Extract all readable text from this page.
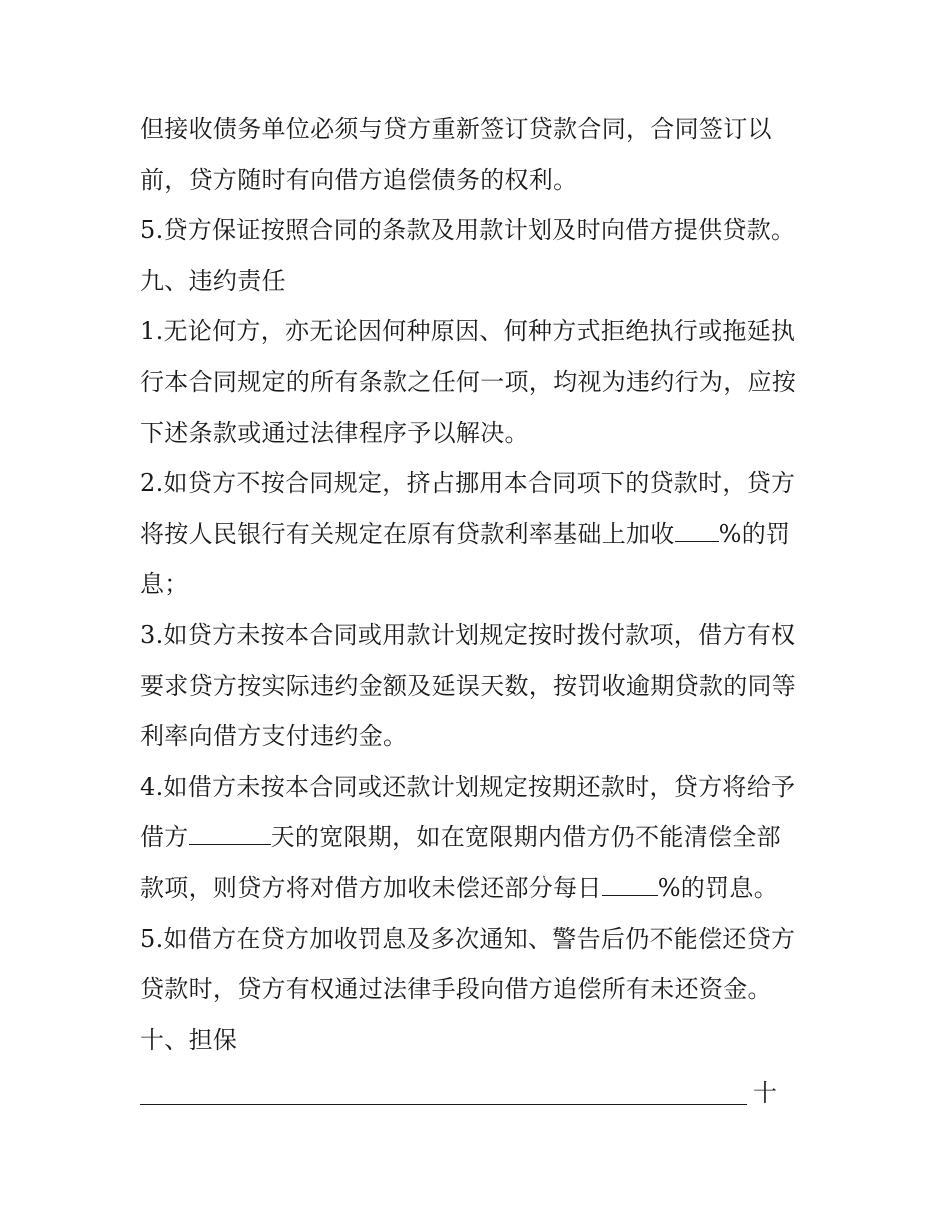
但接收债务单位必须与贷方重新签订贷款合同，合同签订以
前，贷方随时有向借方追偿债务的权利。
5.贷方保证按照合同的条款及用款计划及时向借方提供贷款。
九、违约责任
1.无论何方，亦无论因何种原因、何种方式拒绝执行或拖延执
行本合同规定的所有条款之任何一项，均视为违约行为，应按
下述条款或通过法律程序予以解决。
2.如贷方不按合同规定，挤占挪用本合同项下的贷款时，贷方
将按人民银行有关规定在原有贷款利率基础上加收 %的罚
息；
3.如贷方未按本合同或用款计划规定按时拨付款项，借方有权
要求贷方按实际违约金额及延误天数，按罚收逾期贷款的同等
利率向借方支付违约金。
4.如借方未按本合同或还款计划规定按期还款时，贷方将给予
借方	天的宽限期，如在宽限期内借方仍不能清偿全部
款项，则贷方将对借方加收未偿还部分每日 %的罚息。
5.如借方在贷方加收罚息及多次通知、警告后仍不能偿还贷方
贷款时，贷方有权通过法律手段向借方追偿所有未还资金。
十、担保
十
